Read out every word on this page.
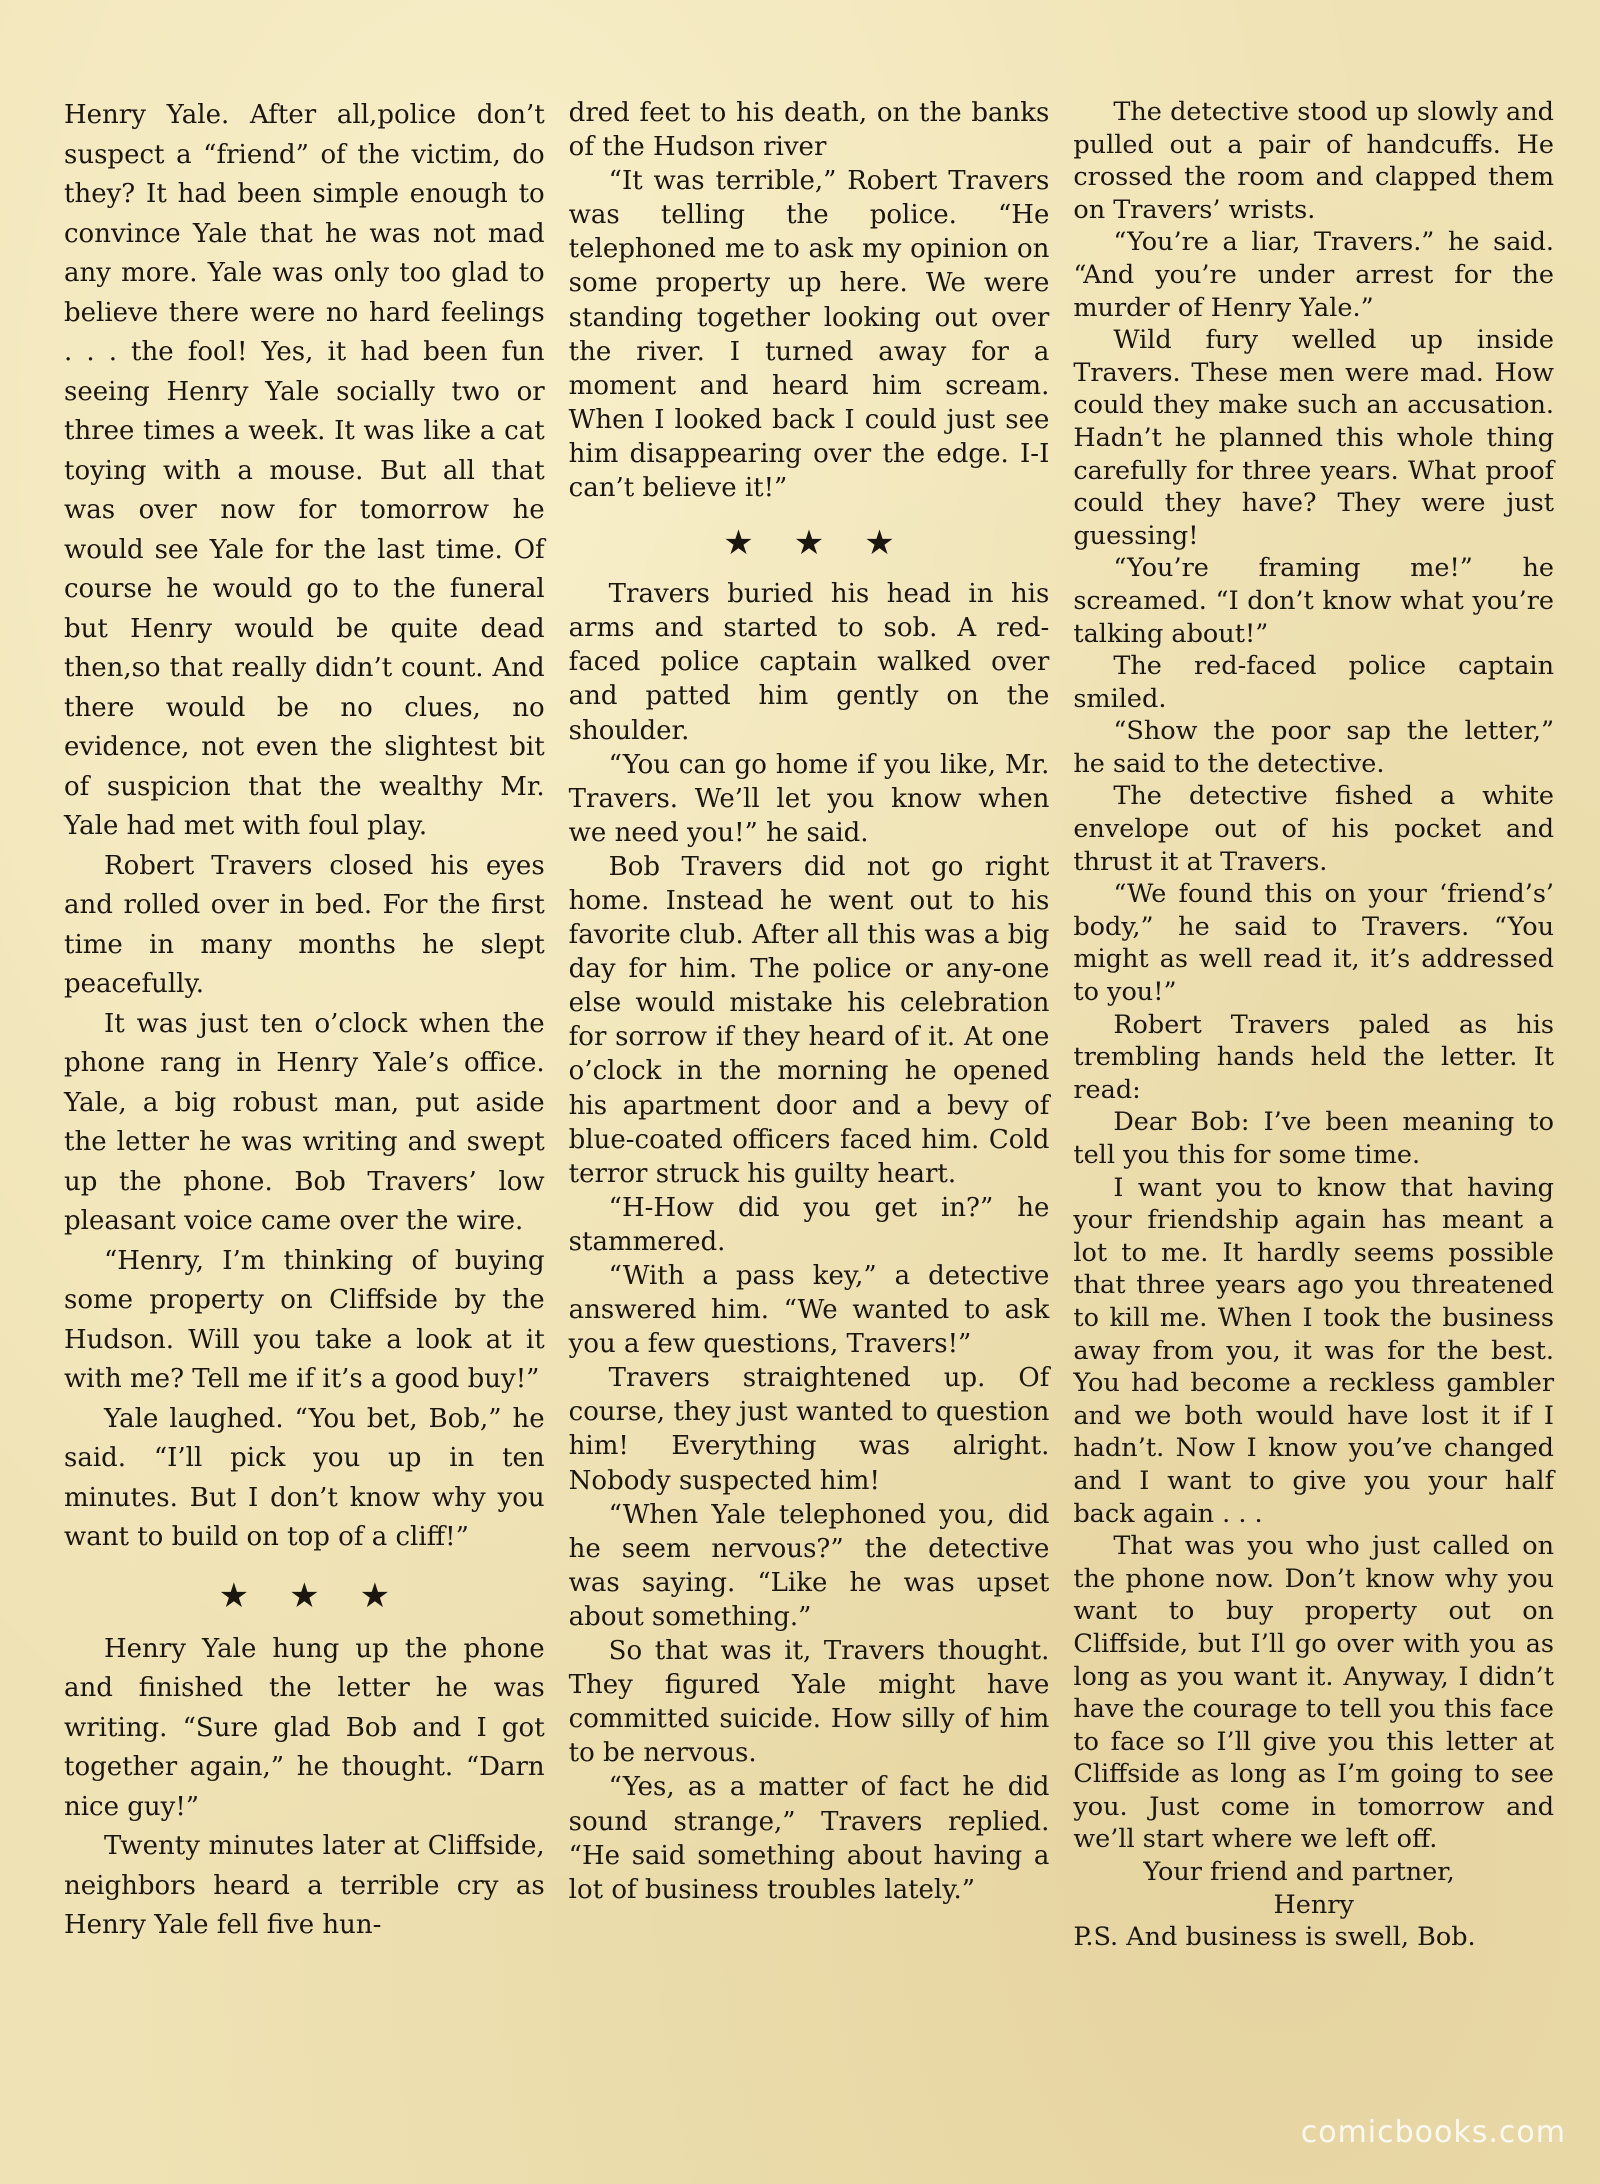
Henry Yale. After all,police don’t suspect a “friend” of the victim, do they? It had been simple enough to convince Yale that he was not mad any more. Yale was only too glad to believe there were no hard feelings . . . the fool! Yes, it had been fun seeing Henry Yale socially two or three times a week. It was like a cat toying with a mouse. But all that was over now for tomorrow he would see Yale for the last time. Of course he would go to the funeral but Henry would be quite dead then,so that really didn’t count. And there would be no clues, no evidence, not even the slightest bit of suspicion that the wealthy Mr. Yale had met with foul play.

Robert Travers closed his eyes and rolled over in bed. For the first time in many months he slept peacefully.

It was just ten o’clock when the phone rang in Henry Yale’s office. Yale, a big robust man, put aside the letter he was writing and swept up the phone. Bob Travers’ low pleasant voice came over the wire.

“Henry, I’m thinking of buying some property on Cliffside by the Hudson. Will you take a look at it with me? Tell me if it’s a good buy!”

Yale laughed. “You bet, Bob,” he said. “I’ll pick you up in ten minutes. But I don’t know why you want to build on top of a cliff!”

★★★

Henry Yale hung up the phone and finished the letter he was writing. “Sure glad Bob and I got together again,” he thought. “Darn nice guy!”

Twenty minutes later at Cliffside, neighbors heard a terrible cry as Henry Yale fell five hun-

dred feet to his death, on the banks of the Hudson river

“It was terrible,” Robert Travers was telling the police. “He telephoned me to ask my opinion on some property up here. We were standing together looking out over the river. I turned away for a moment and heard him scream. When I looked back I could just see him disappearing over the edge. I-I can’t believe it!”

★★★

Travers buried his head in his arms and started to sob. A red-faced police captain walked over and patted him gently on the shoulder.

“You can go home if you like, Mr. Travers. We’ll let you know when we need you!” he said.

Bob Travers did not go right home. Instead he went out to his favorite club. After all this was a big day for him. The police or any-one else would mistake his celebration for sorrow if they heard of it. At one o’clock in the morning he opened his apartment door and a bevy of blue-coated officers faced him. Cold terror struck his guilty heart.

“H-How did you get in?” he stammered.

“With a pass key,” a detective answered him. “We wanted to ask you a few questions, Travers!”

Travers straightened up. Of course, they just wanted to question him! Everything was alright. Nobody suspected him!

“When Yale telephoned you, did he seem nervous?” the detective was saying. “Like he was upset about something.”

So that was it, Travers thought. They figured Yale might have committed suicide. How silly of him to be nervous.

“Yes, as a matter of fact he did sound strange,” Travers replied. “He said something about having a lot of business troubles lately.”

The detective stood up slowly and pulled out a pair of handcuffs. He crossed the room and clapped them on Travers’ wrists.

“You’re a liar, Travers.” he said. “And you’re under arrest for the murder of Henry Yale.”

Wild fury welled up inside Travers. These men were mad. How could they make such an accusation. Hadn’t he planned this whole thing carefully for three years. What proof could they have? They were just guessing!

“You’re framing me!” he screamed. “I don’t know what you’re talking about!”

The red-faced police captain smiled.

“Show the poor sap the letter,” he said to the detective.

The detective fished a white envelope out of his pocket and thrust it at Travers.

“We found this on your ‘friend’s’ body,” he said to Travers. “You might as well read it, it’s addressed to you!”

Robert Travers paled as his trembling hands held the letter. It read:

Dear Bob: I’ve been meaning to tell you this for some time.

I want you to know that having your friendship again has meant a lot to me. It hardly seems possible that three years ago you threatened to kill me. When I took the business away from you, it was for the best. You had become a reckless gambler and we both would have lost it if I hadn’t. Now I know you’ve changed and I want to give you your half back again . . .

That was you who just called on the phone now. Don’t know why you want to buy property out on Cliffside, but I’ll go over with you as long as you want it. Anyway, I didn’t have the courage to tell you this face to face so I’ll give you this letter at Cliffside as long as I’m going to see you. Just come in tomorrow and we’ll start where we left off.

Your friend and partner,

Henry

P.S. And business is swell, Bob.

comicbooks.com
